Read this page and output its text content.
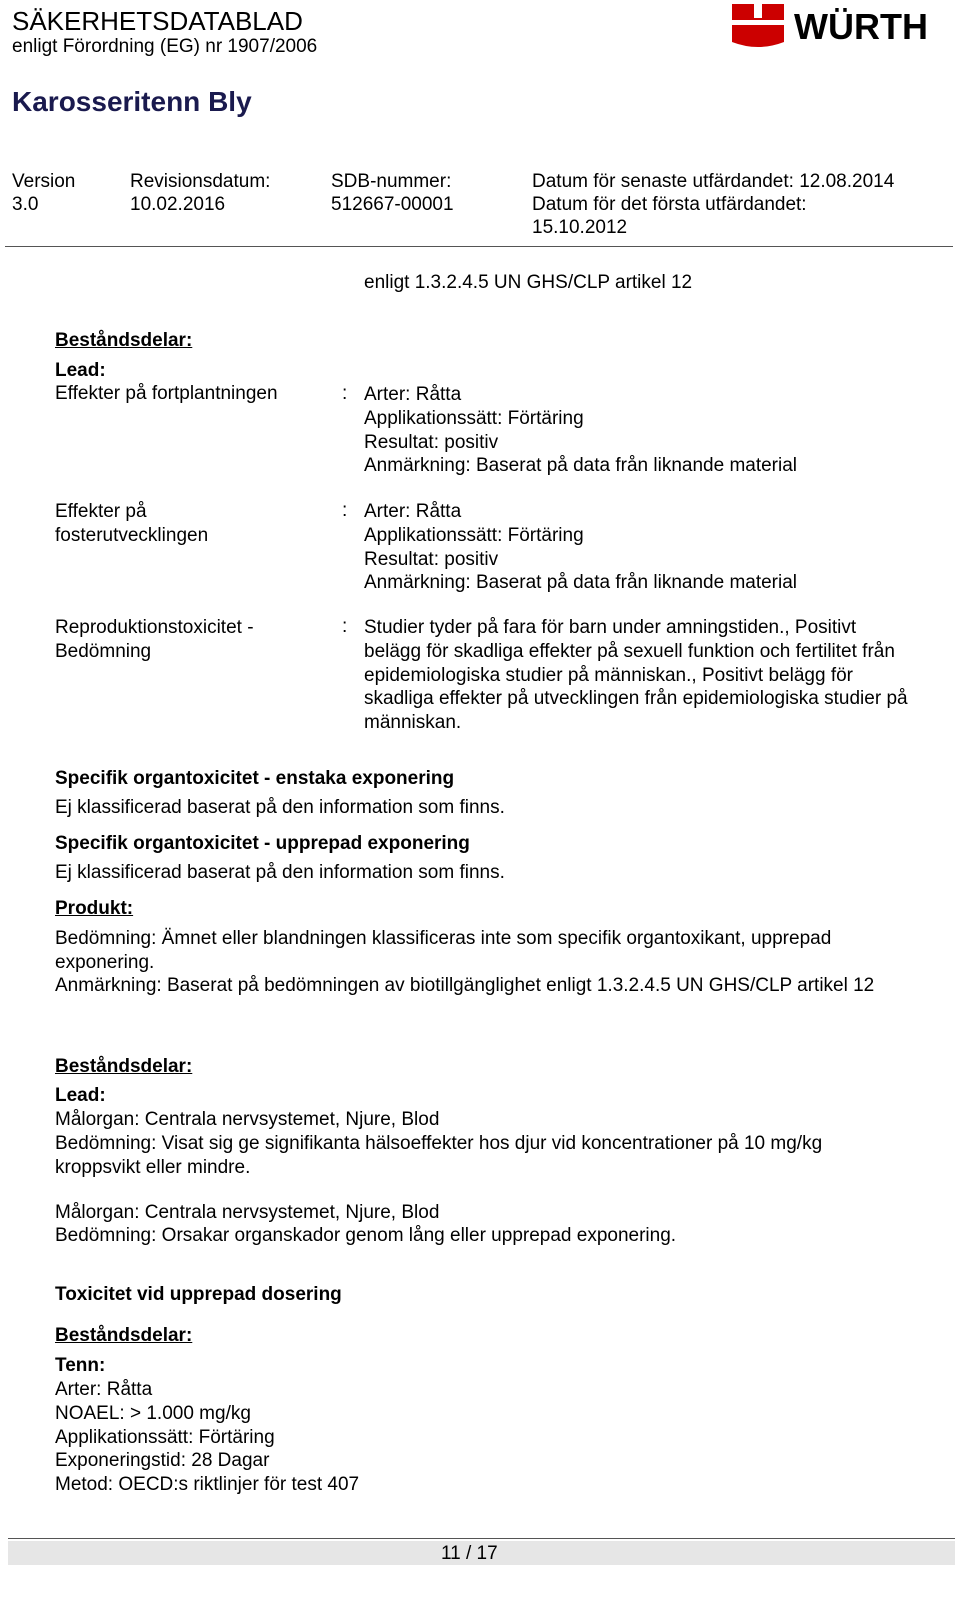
SÄKERHETSDATABLAD
enligt Förordning (EG) nr 1907/2006	WÜRTH
Karosseritenn Bly
Version
3.0
Revisionsdatum:
10.02.2016
SDB-nummer:
512667-00001
Datum för senaste utfärdandet: 12.08.2014
Datum för det första utfärdandet:
15.10.2012
enligt 1.3.2.4.5 UN GHS/CLP artikel 12
Beståndsdelar:
Lead:
Effekter på fortplantningen	: Arter: Råtta
Applikationssätt: Förtäring
Resultat: positiv
Anmärkning: Baserat på data från liknande material
Effekter på
fosterutvecklingen
: Arter: Råtta
Applikationssätt: Förtäring
Resultat: positiv
Anmärkning: Baserat på data från liknande material
Reproduktionstoxicitet -
Bedömning
: Studier tyder på fara för barn under amningstiden., Positivt belägg för skadliga effekter på sexuell funktion och fertilitet från epidemiologiska studier på människan., Positivt belägg för skadliga effekter på utvecklingen från epidemiologiska studier på människan.
Specifik organtoxicitet - enstaka exponering
Ej klassificerad baserat på den information som finns.
Specifik organtoxicitet - upprepad exponering
Ej klassificerad baserat på den information som finns.
Produkt:
Bedömning: Ämnet eller blandningen klassificeras inte som specifik organtoxikant, upprepad exponering.
Anmärkning: Baserat på bedömningen av biotillgänglighet enligt 1.3.2.4.5 UN GHS/CLP artikel 12
Beståndsdelar:
Lead:
Målorgan: Centrala nervsystemet, Njure, Blod
Bedömning: Visat sig ge signifikanta hälsoeffekter hos djur vid koncentrationer på 10 mg/kg kroppsvikt eller mindre.
Målorgan: Centrala nervsystemet, Njure, Blod
Bedömning: Orsakar organskador genom lång eller upprepad exponering.
Toxicitet vid upprepad dosering
Beståndsdelar:
Tenn:
Arter: Råtta
NOAEL: > 1.000 mg/kg
Applikationssätt: Förtäring
Exponeringstid: 28 Dagar
Metod: OECD:s riktlinjer för test 407
11 / 17
